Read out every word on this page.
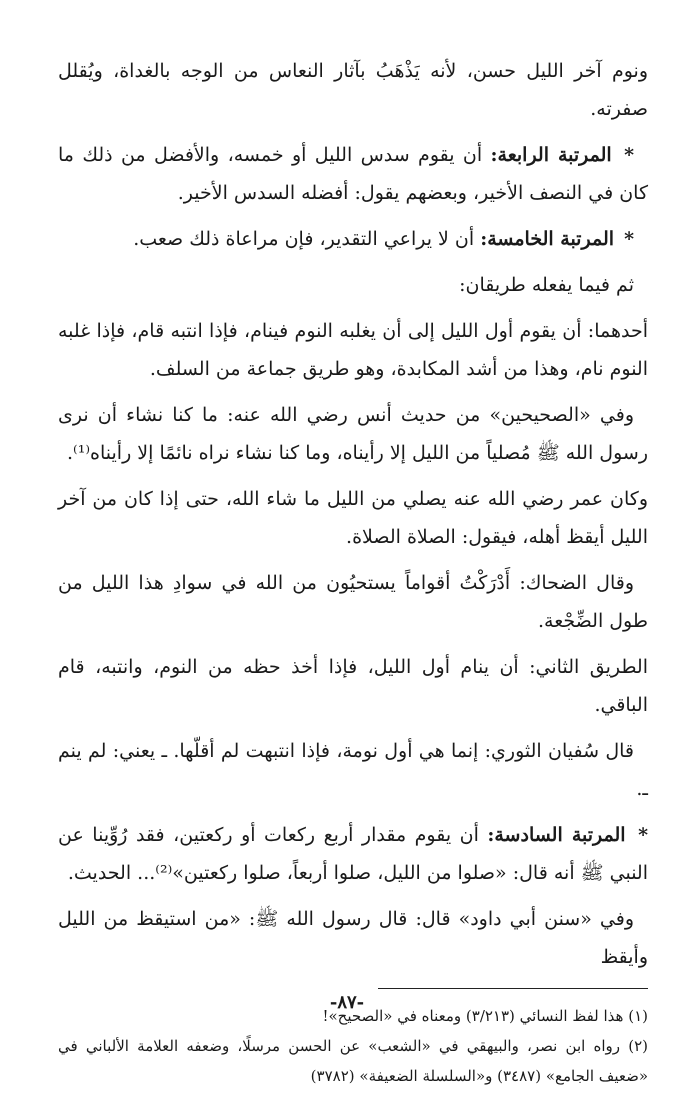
ونوم آخر الليل حسن، لأنه يَذْهَبُ بآثار النعاس من الوجه بالغداة، ويُقلل صفرته.

* المرتبة الرابعة: أن يقوم سدس الليل أو خمسه، والأفضل من ذلك ما كان في النصف الأخير، وبعضهم يقول: أفضله السدس الأخير.

* المرتبة الخامسة: أن لا يراعي التقدير، فإن مراعاة ذلك صعب.

ثم فيما يفعله طريقان:

أحدهما: أن يقوم أول الليل إلى أن يغلبه النوم فينام، فإذا انتبه قام، فإذا غلبه النوم نام، وهذا من أشد المكابدة، وهو طريق جماعة من السلف.

وفي «الصحيحين» من حديث أنس رضي الله عنه: ما كنا نشاء أن نرى رسول الله ﷺ مُصلياً من الليل إلا رأيناه، وما كنا نشاء نراه نائمًا إلا رأيناه⁽¹⁾.

وكان عمر رضي الله عنه يصلي من الليل ما شاء الله، حتى إذا كان من آخر الليل أيقظ أهله، فيقول: الصلاة الصلاة.

وقال الضحاك: أَدْرَكْتُ أقواماً يستحيُون من الله في سوادِ هذا الليل من طول الضِّجْعة.

الطريق الثاني: أن ينام أول الليل، فإذا أخذ حظه من النوم، وانتبه، قام الباقي.

قال سُفيان الثوري: إنما هي أول نومة، فإذا انتبهت لم أقلّها. ـ يعني: لم ينم ـ.

* المرتبة السادسة: أن يقوم مقدار أربع ركعات أو ركعتين، فقد رُوِّينا عن النبي ﷺ أنه قال: «صلوا من الليل، صلوا أربعاً، صلوا ركعتين»⁽²⁾... الحديث.

وفي «سنن أبي داود» قال: قال رسول الله ﷺ: «من استيقظ من الليل وأيقظ

(١) هذا لفظ النسائي (٣/٢١٣) ومعناه في «الصحيح»!

(٢) رواه ابن نصر، والبيهقي في «الشعب» عن الحسن مرسلًا، وضعفه العلامة الألباني في «ضعيف الجامع» (٣٤٨٧) و«السلسلة الضعيفة» (٣٧٨٢)

-٨٧-
